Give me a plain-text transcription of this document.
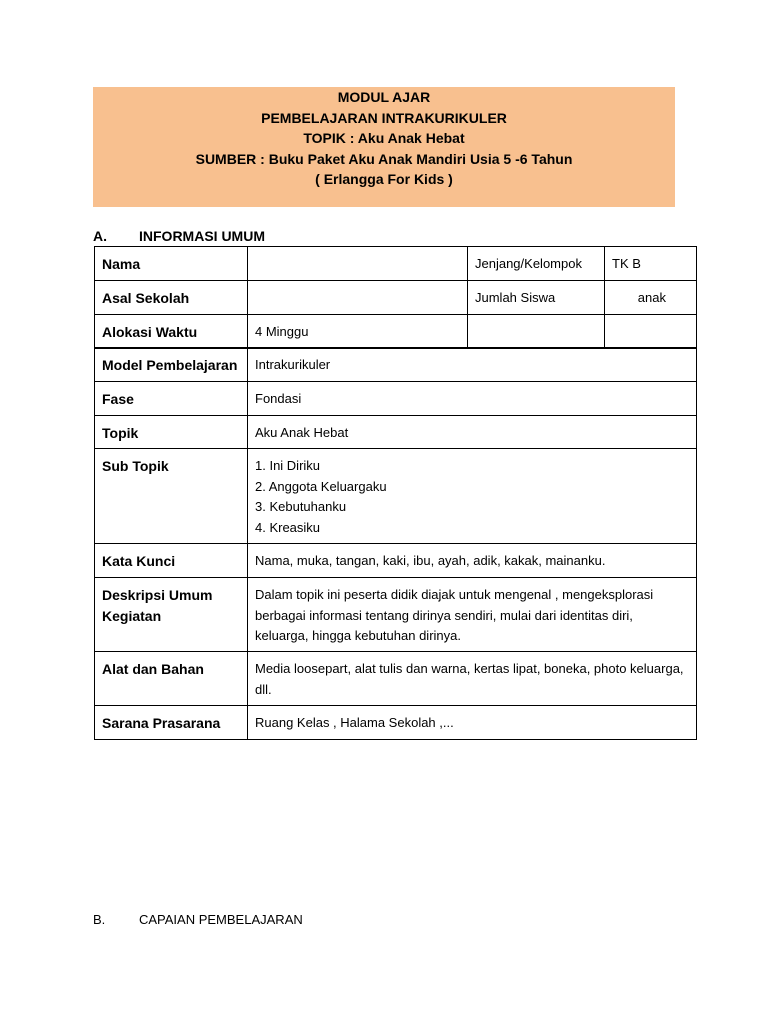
MODUL AJAR
PEMBELAJARAN INTRAKURIKULER
TOPIK : Aku Anak Hebat
SUMBER : Buku Paket Aku Anak Mandiri Usia 5 -6 Tahun
( Erlangga For Kids )
A. INFORMASI UMUM
Nama		Jenjang/Kelompok	TK B
Asal Sekolah		Jumlah Siswa	anak
Alokasi Waktu	4 Minggu		
Model Pembelajaran	Intrakurikuler
Fase	Fondasi
Topik	Aku Anak Hebat
Sub Topik	1. Ini Diriku
2. Anggota Keluargaku
3. Kebutuhanku
4. Kreasiku

Kata Kunci	Nama, muka, tangan, kaki, ibu, ayah, adik, kakak, mainanku.
Deskripsi Umum Kegiatan	Dalam topik ini peserta didik diajak untuk mengenal , mengeksplorasi berbagai informasi tentang dirinya sendiri, mulai dari identitas diri, keluarga, hingga kebutuhan dirinya.
Alat dan Bahan	Media loosepart, alat tulis dan warna, kertas lipat, boneka, photo keluarga, dll.
Sarana Prasarana	Ruang Kelas , Halama Sekolah ,...
B.	CAPAIAN PEMBELAJARAN
